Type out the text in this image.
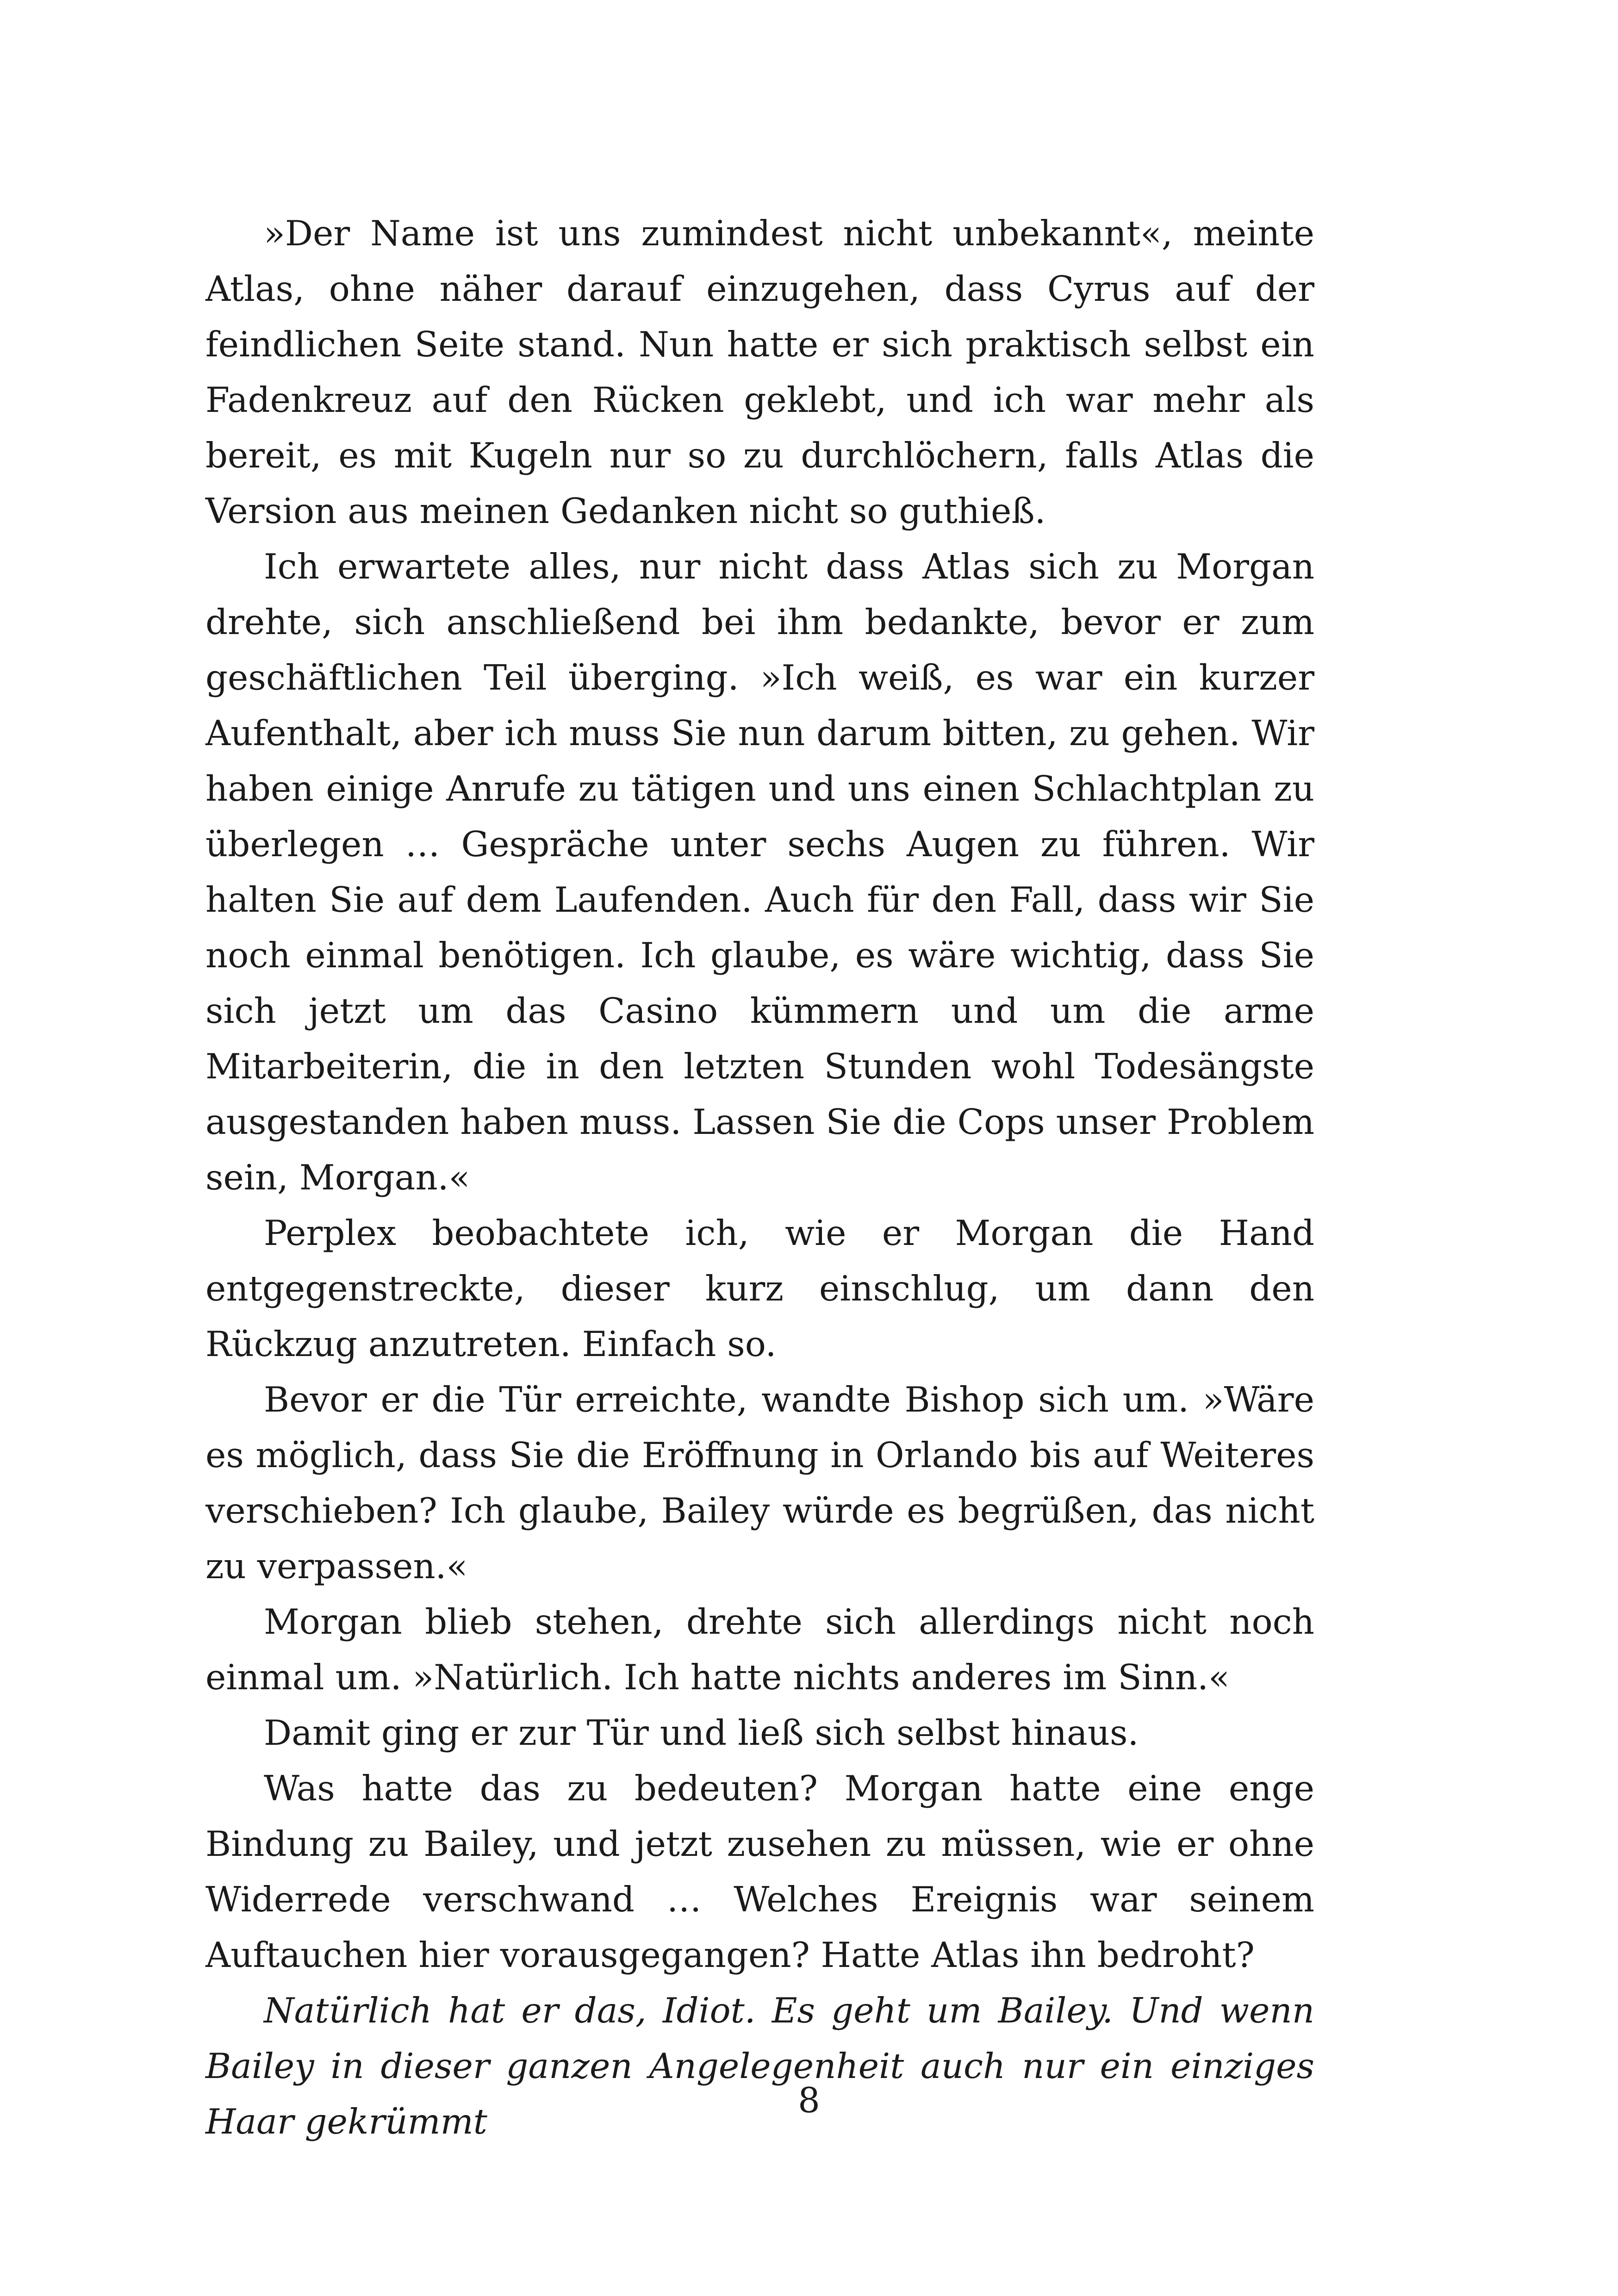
»Der Name ist uns zumindest nicht unbekannt«, meinte Atlas, ohne näher darauf einzugehen, dass Cyrus auf der feindlichen Seite stand. Nun hatte er sich praktisch selbst ein Fadenkreuz auf den Rücken geklebt, und ich war mehr als bereit, es mit Kugeln nur so zu durchlöchern, falls Atlas die Version aus meinen Gedanken nicht so guthieß.

Ich erwartete alles, nur nicht dass Atlas sich zu Morgan drehte, sich anschließend bei ihm bedankte, bevor er zum geschäftlichen Teil überging. »Ich weiß, es war ein kurzer Aufenthalt, aber ich muss Sie nun darum bitten, zu gehen. Wir haben einige Anrufe zu tätigen und uns einen Schlachtplan zu überlegen … Gespräche unter sechs Augen zu führen. Wir halten Sie auf dem Laufenden. Auch für den Fall, dass wir Sie noch einmal benötigen. Ich glaube, es wäre wichtig, dass Sie sich jetzt um das Casino kümmern und um die arme Mitarbeiterin, die in den letzten Stunden wohl Todesängste ausgestanden haben muss. Lassen Sie die Cops unser Problem sein, Morgan.«

Perplex beobachtete ich, wie er Morgan die Hand entgegenstreckte, dieser kurz einschlug, um dann den Rückzug anzutreten. Einfach so.

Bevor er die Tür erreichte, wandte Bishop sich um. »Wäre es möglich, dass Sie die Eröffnung in Orlando bis auf Weiteres verschieben? Ich glaube, Bailey würde es begrüßen, das nicht zu verpassen.«

Morgan blieb stehen, drehte sich allerdings nicht noch einmal um. »Natürlich. Ich hatte nichts anderes im Sinn.«

Damit ging er zur Tür und ließ sich selbst hinaus.

Was hatte das zu bedeuten? Morgan hatte eine enge Bindung zu Bailey, und jetzt zusehen zu müssen, wie er ohne Widerrede verschwand … Welches Ereignis war seinem Auftauchen hier vorausgegangen? Hatte Atlas ihn bedroht?

Natürlich hat er das, Idiot. Es geht um Bailey. Und wenn Bailey in dieser ganzen Angelegenheit auch nur ein einziges Haar gekrümmt

8
